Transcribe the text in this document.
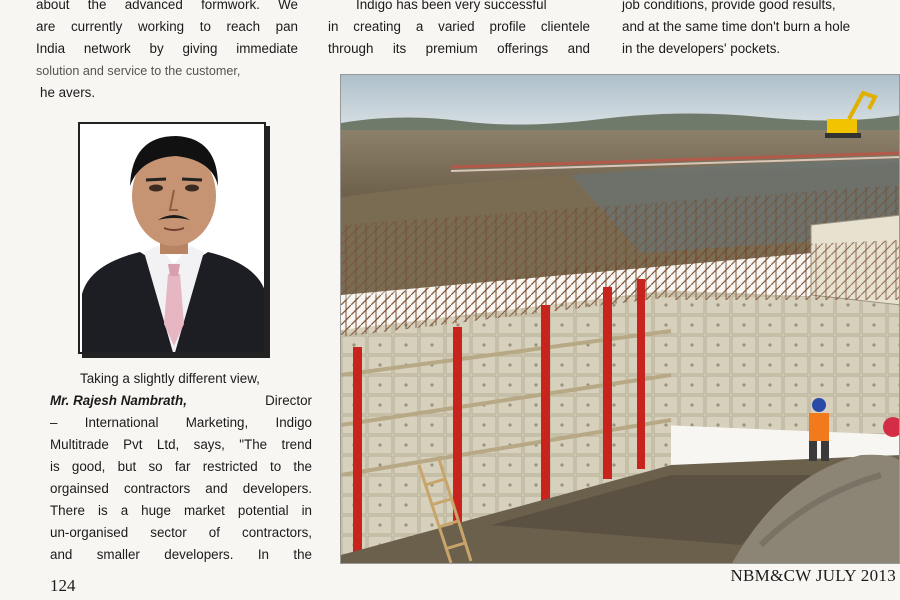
about the advanced formwork. We
are currently working to reach pan
India network by giving immediate
solution and service to the customer,
he avers.
Taking a slightly different view,
Mr. Rajesh Nambrath,	Director
– International Marketing, Indigo
Multitrade Pvt Ltd, says, "The trend
is good, but so far restricted to the
orgainsed contractors and developers.
There is a huge market potential in
un-organised sector of contractors,
and smaller developers. In the
Indigo has been very successful
in creating a varied profile clientele
through its premium offerings and
job conditions, provide good results,
and at the same time don't burn a hole
in the developers' pockets.
124
NBM&CW JULY 2013
